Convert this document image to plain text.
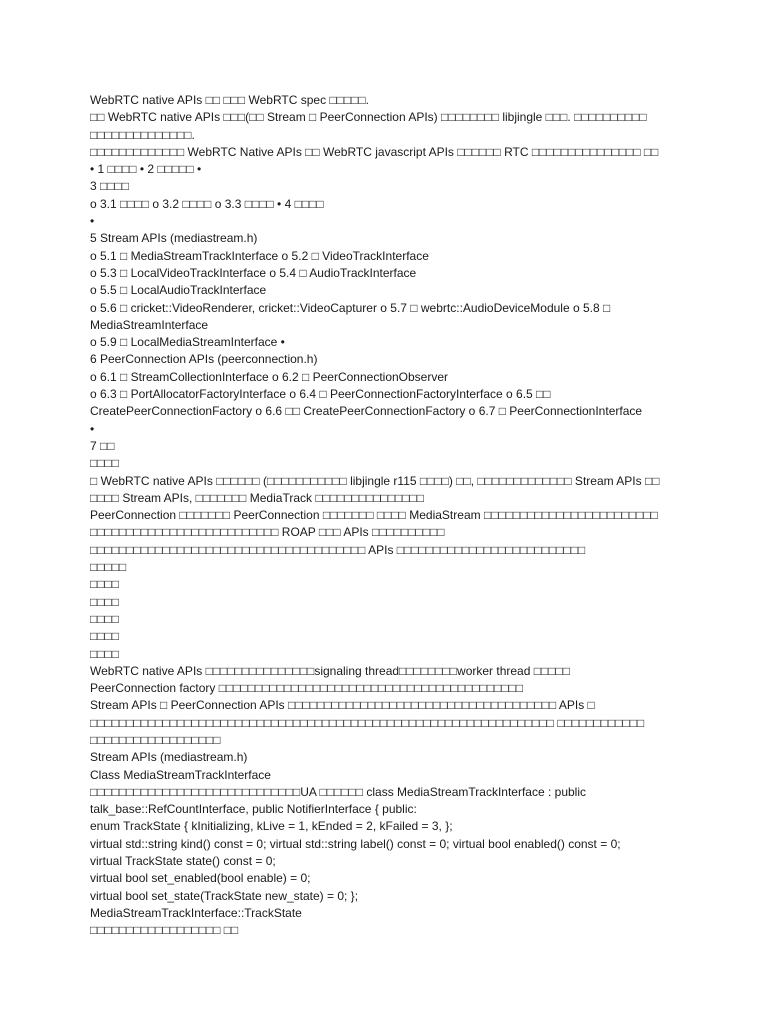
WebRTC native APIs □□ □□□ WebRTC spec □□□□□.
□□ WebRTC native APIs □□□(□□ Stream □ PeerConnection APIs) □□□□□□□□ libjingle □□□. □□□□□□□□□□
□□□□□□□□□□□□□□.
□□□□□□□□□□□□□ WebRTC Native APIs □□ WebRTC javascript APIs □□□□□□ RTC □□□□□□□□□□□□□□□ □□
• 1 □□□□ • 2 □□□□□ •
3 □□□□
o 3.1 □□□□ o 3.2 □□□□ o 3.3 □□□□ • 4 □□□□
•
5 Stream APIs (mediastream.h)
o 5.1 □ MediaStreamTrackInterface o 5.2 □ VideoTrackInterface
o 5.3 □ LocalVideoTrackInterface o 5.4 □ AudioTrackInterface
o 5.5 □ LocalAudioTrackInterface
o 5.6 □ cricket::VideoRenderer, cricket::VideoCapturer o 5.7 □ webrtc::AudioDeviceModule o 5.8 □
MediaStreamInterface
o 5.9 □ LocalMediaStreamInterface •
6 PeerConnection APIs (peerconnection.h)
o 6.1 □ StreamCollectionInterface o 6.2 □ PeerConnectionObserver
o 6.3 □ PortAllocatorFactoryInterface o 6.4 □ PeerConnectionFactoryInterface o 6.5 □□
CreatePeerConnectionFactory o 6.6 □□ CreatePeerConnectionFactory o 6.7 □ PeerConnectionInterface
•
7 □□
□□□□
□ WebRTC native APIs □□□□□□ (□□□□□□□□□□□ libjingle r115 □□□□) □□, □□□□□□□□□□□□□ Stream APIs □□
□□□□ Stream APIs, □□□□□□□ MediaTrack □□□□□□□□□□□□□□□
PeerConnection □□□□□□□ PeerConnection □□□□□□□ □□□□ MediaStream □□□□□□□□□□□□□□□□□□□□□□□□
□□□□□□□□□□□□□□□□□□□□□□□□□□ ROAP □□□ APIs □□□□□□□□□□
□□□□□□□□□□□□□□□□□□□□□□□□□□□□□□□□□□□□□□ APIs □□□□□□□□□□□□□□□□□□□□□□□□□□
□□□□□
□□□□
□□□□
□□□□
□□□□
□□□□
WebRTC native APIs □□□□□□□□□□□□□□□signaling thread□□□□□□□□worker thread □□□□□
PeerConnection factory □□□□□□□□□□□□□□□□□□□□□□□□□□□□□□□□□□□□□□□□□□
Stream APIs □ PeerConnection APIs □□□□□□□□□□□□□□□□□□□□□□□□□□□□□□□□□□□□□ APIs □
□□□□□□□□□□□□□□□□□□□□□□□□□□□□□□□□□□□□□□□□□□□□□□□□□□□□□□□□□□□□□□□□ □□□□□□□□□□□□
□□□□□□□□□□□□□□□□□□
Stream APIs (mediastream.h)
Class MediaStreamTrackInterface
□□□□□□□□□□□□□□□□□□□□□□□□□□□□□UA □□□□□□ class MediaStreamTrackInterface : public
talk_base::RefCountInterface, public NotifierInterface { public:
enum TrackState { kInitializing, kLive = 1, kEnded = 2, kFailed = 3, };
virtual std::string kind() const = 0; virtual std::string label() const = 0; virtual bool enabled() const = 0;
virtual TrackState state() const = 0;
virtual bool set_enabled(bool enable) = 0;
virtual bool set_state(TrackState new_state) = 0; };
MediaStreamTrackInterface::TrackState
□□□□□□□□□□□□□□□□□□ □□
